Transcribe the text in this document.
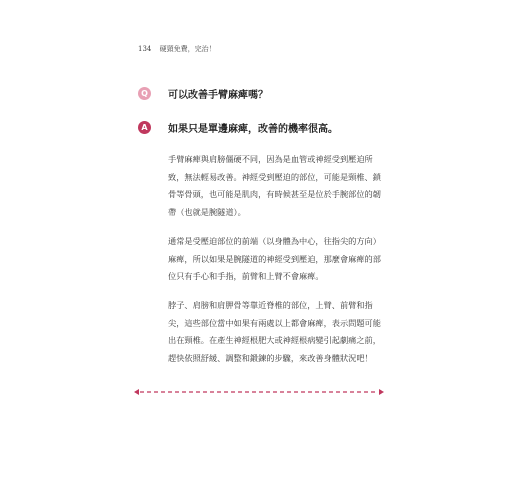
134 硬頸免費，完治！
Q	可以改善手臂麻痺嗎？
A	如果只是單邊麻痺，改善的機率很高。

手臂麻痺與肩膀僵硬不同，因為是血管或神經受到壓迫所致，無法輕易改善。神經受到壓迫的部位，可能是頸椎、鎖骨等骨頭，也可能是肌肉，有時候甚至是位於手腕部位的韌帶（也就是腕隧道）。

通常是受壓迫部位的前端（以身體為中心，往指尖的方向）麻痺，所以如果是腕隧道的神經受到壓迫，那麼會麻痺的部位只有手心和手指，前臂和上臂不會麻痺。

脖子、肩膀和肩胛骨等靠近脊椎的部位，上臂、前臂和指尖，這些部位當中如果有兩處以上都會麻痺，表示問題可能出在頸椎。在產生神經根肥大或神經根病變引起劇痛之前，趕快依照舒緩、調整和鍛鍊的步驟，來改善身體狀況吧！
